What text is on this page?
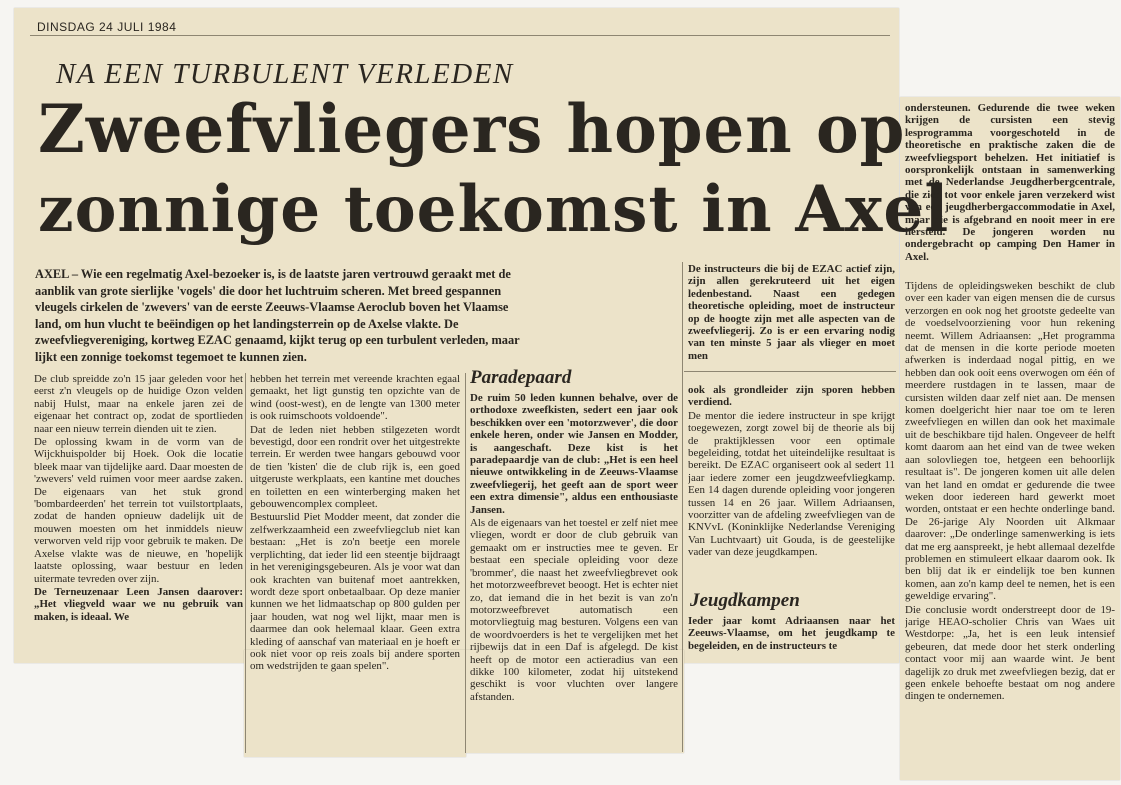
DINSDAG 24 JULI 1984
NA EEN TURBULENT VERLEDEN
Zweefvliegers hopen op
zonnige toekomst in Axel
AXEL – Wie een regelmatig Axel-bezoeker is, is de laatste jaren vertrouwd geraakt met de
aanblik van grote sierlijke 'vogels' die door het luchtruim scheren. Met breed gespannen
vleugels cirkelen de 'zwevers' van de eerste Zeeuws-Vlaamse Aeroclub boven het Vlaamse
land, om hun vlucht te beëindigen op het landingsterrein op de Axelse vlakte. De
zweefvliegvereniging, kortweg EZAC genaamd, kijkt terug op een turbulent verleden, maar
lijkt een zonnige toekomst tegemoet te kunnen zien.

De club spreidde zo'n 15 jaar geleden voor het eerst z'n vleugels op de huidige Ozon velden nabij Hulst, maar na enkele jaren zei de eigenaar het contract op, zodat de sportlieden naar een nieuw terrein dienden uit te zien.

De oplossing kwam in de vorm van de Wijckhuispolder bij Hoek. Ook die locatie bleek maar van tijdelijke aard. Daar moesten de 'zwevers' veld ruimen voor meer aardse zaken. De eigenaars van het stuk grond 'bombardeerden' het terrein tot vuilstortplaats, zodat de handen opnieuw dadelijk uit de mouwen moesten om het inmiddels nieuw verworven veld rijp voor gebruik te maken. De Axelse vlakte was de nieuwe, en 'hopelijk laatste oplossing, waar bestuur en leden uitermate tevreden over zijn.

De Terneuzenaar Leen Jansen daarover: „Het vliegveld waar we nu gebruik van maken, is ideaal. We

hebben het terrein met vereende krachten egaal gemaakt, het ligt gunstig ten opzichte van de wind (oost-west), en de lengte van 1300 meter is ook ruimschoots voldoende".

Dat de leden niet hebben stilgezeten wordt bevestigd, door een rondrit over het uitgestrekte terrein. Er werden twee hangars gebouwd voor de tien 'kisten' die de club rijk is, een goed uitgeruste werkplaats, een kantine met douches en toiletten en een winterberging maken het gebouwencomplex compleet.

Bestuurslid Piet Modder meent, dat zonder die zelfwerkzaamheid een zweefvliegclub niet kan bestaan: „Het is zo'n beetje een morele verplichting, dat ieder lid een steentje bijdraagt in het verenigingsgebeuren. Als je voor wat dan ook krachten van buitenaf moet aantrekken, wordt deze sport onbetaalbaar. Op deze manier kunnen we het lidmaatschap op 800 gulden per jaar houden, wat nog wel lijkt, maar men is daarmee dan ook helemaal klaar. Geen extra kleding of aanschaf van materiaal en je hoeft er ook niet voor op reis zoals bij andere sporten om wedstrijden te gaan spelen".

Paradepaard

De ruim 50 leden kunnen behalve, over de orthodoxe zweefkisten, sedert een jaar ook beschikken over een 'motorzwever', die door enkele heren, onder wie Jansen en Modder, is aangeschaft. Deze kist is het paradepaardje van de club: „Het is een heel nieuwe ontwikkeling in de Zeeuws-Vlaamse zweefvliegerij, het geeft aan de sport weer een extra dimensie", aldus een enthousiaste Jansen.

Als de eigenaars van het toestel er zelf niet mee vliegen, wordt er door de club gebruik van gemaakt om er instructies mee te geven. Er bestaat een speciale opleiding voor deze 'brommer', die naast het zweefvliegbrevet ook het motorzweefbrevet beoogt. Het is echter niet zo, dat iemand die in het bezit is van zo'n motorzweefbrevet automatisch een motorvliegtuig mag besturen. Volgens een van de woordvoerders is het te vergelijken met het rijbewijs dat in een Daf is afgelegd. De kist heeft op de motor een actieradius van een dikke 100 kilometer, zodat hij uitstekend geschikt is voor vluchten over langere afstanden.

De instructeurs die bij de EZAC actief zijn, zijn allen gerekruteerd uit het eigen ledenbestand. Naast een gedegen theoretische opleiding, moet de instructeur op de hoogte zijn met alle aspecten van de zweefvliegerij. Zo is er een ervaring nodig van ten minste 5 jaar als vlieger en moet men

ook als grondleider zijn sporen hebben verdiend.

De mentor die iedere instructeur in spe krijgt toegewezen, zorgt zowel bij de theorie als bij de praktijklessen voor een optimale begeleiding, totdat het uiteindelijke resultaat is bereikt. De EZAC organiseert ook al sedert 11 jaar iedere zomer een jeugdzweefvliegkamp. Een 14 dagen durende opleiding voor jongeren tussen 14 en 26 jaar. Willem Adriaansen, voorzitter van de afdeling zweefvliegen van de KNVvL (Koninklijke Nederlandse Vereniging Van Luchtvaart) uit Gouda, is de geestelijke vader van deze jeugdkampen.

Jeugdkampen

Ieder jaar komt Adriaansen naar het Zeeuws-Vlaamse, om het jeugdkamp te begeleiden, en de instructeurs te

ondersteunen. Gedurende die twee weken krijgen de cursisten een stevig lesprogramma voorgeschoteld in de theoretische en praktische zaken die de zweefvliegsport behelzen. Het initiatief is oorspronkelijk ontstaan in samenwerking met de Nederlandse Jeugdherbergcentrale, die zich tot voor enkele jaren verzekerd wist van een jeugdherbergaccommodatie in Axel, maar die is afgebrand en nooit meer in ere hersteld. De jongeren worden nu ondergebracht op camping Den Hamer in Axel.

Tijdens de opleidingsweken beschikt de club over een kader van eigen mensen die de cursus verzorgen en ook nog het grootste gedeelte van de voedselvoorziening voor hun rekening neemt. Willem Adriaansen: „Het programma dat de mensen in die korte periode moeten afwerken is inderdaad nogal pittig, en we hebben dan ook ooit eens overwogen om één of meerdere rustdagen in te lassen, maar de cursisten wilden daar zelf niet aan. De mensen komen doelgericht hier naar toe om te leren zweefvliegen en willen dan ook het maximale uit de beschikbare tijd halen. Ongeveer de helft komt daarom aan het eind van de twee weken aan solovliegen toe, hetgeen een behoorlijk resultaat is". De jongeren komen uit alle delen van het land en omdat er gedurende die twee weken door iedereen hard gewerkt moet worden, ontstaat er een hechte onderlinge band. De 26-jarige Aly Noorden uit Alkmaar daarover: „De onderlinge samenwerking is iets dat me erg aanspreekt, je hebt allemaal dezelfde problemen en stimuleert elkaar daarom ook. Ik ben blij dat ik er eindelijk toe ben kunnen komen, aan zo'n kamp deel te nemen, het is een geweldige ervaring".

Die conclusie wordt onderstreept door de 19-jarige HEAO-scholier Chris van Waes uit Westdorpe: „Ja, het is een leuk intensief gebeuren, dat mede door het sterk onderling contact voor mij aan waarde wint. Je bent dagelijk zo druk met zweefvliegen bezig, dat er geen enkele behoefte bestaat om nog andere dingen te ondernemen.
